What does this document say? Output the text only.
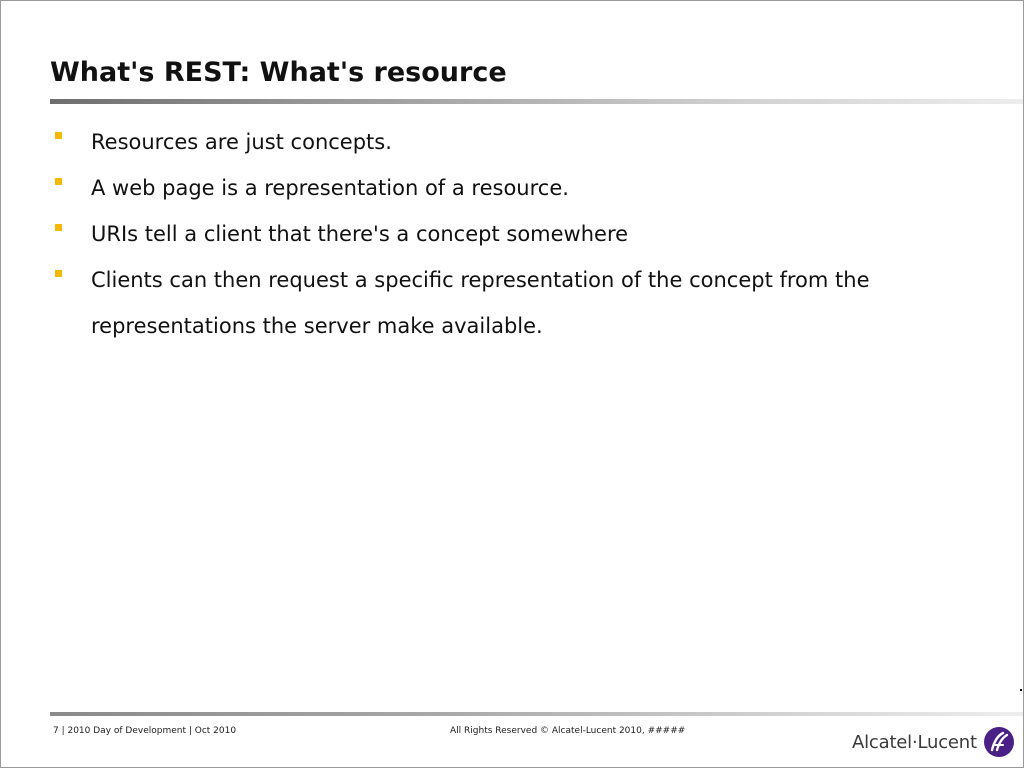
What's REST: What's resource
Resources are just concepts.
A web page is a representation of a resource.
URIs tell a client that there's a concept somewhere
Clients can then request a specific representation of the concept from the representations the server make available.
7 | 2010 Day of Development | Oct 2010	All Rights Reserved © Alcatel-Lucent 2010, #####
Alcatel·Lucent
